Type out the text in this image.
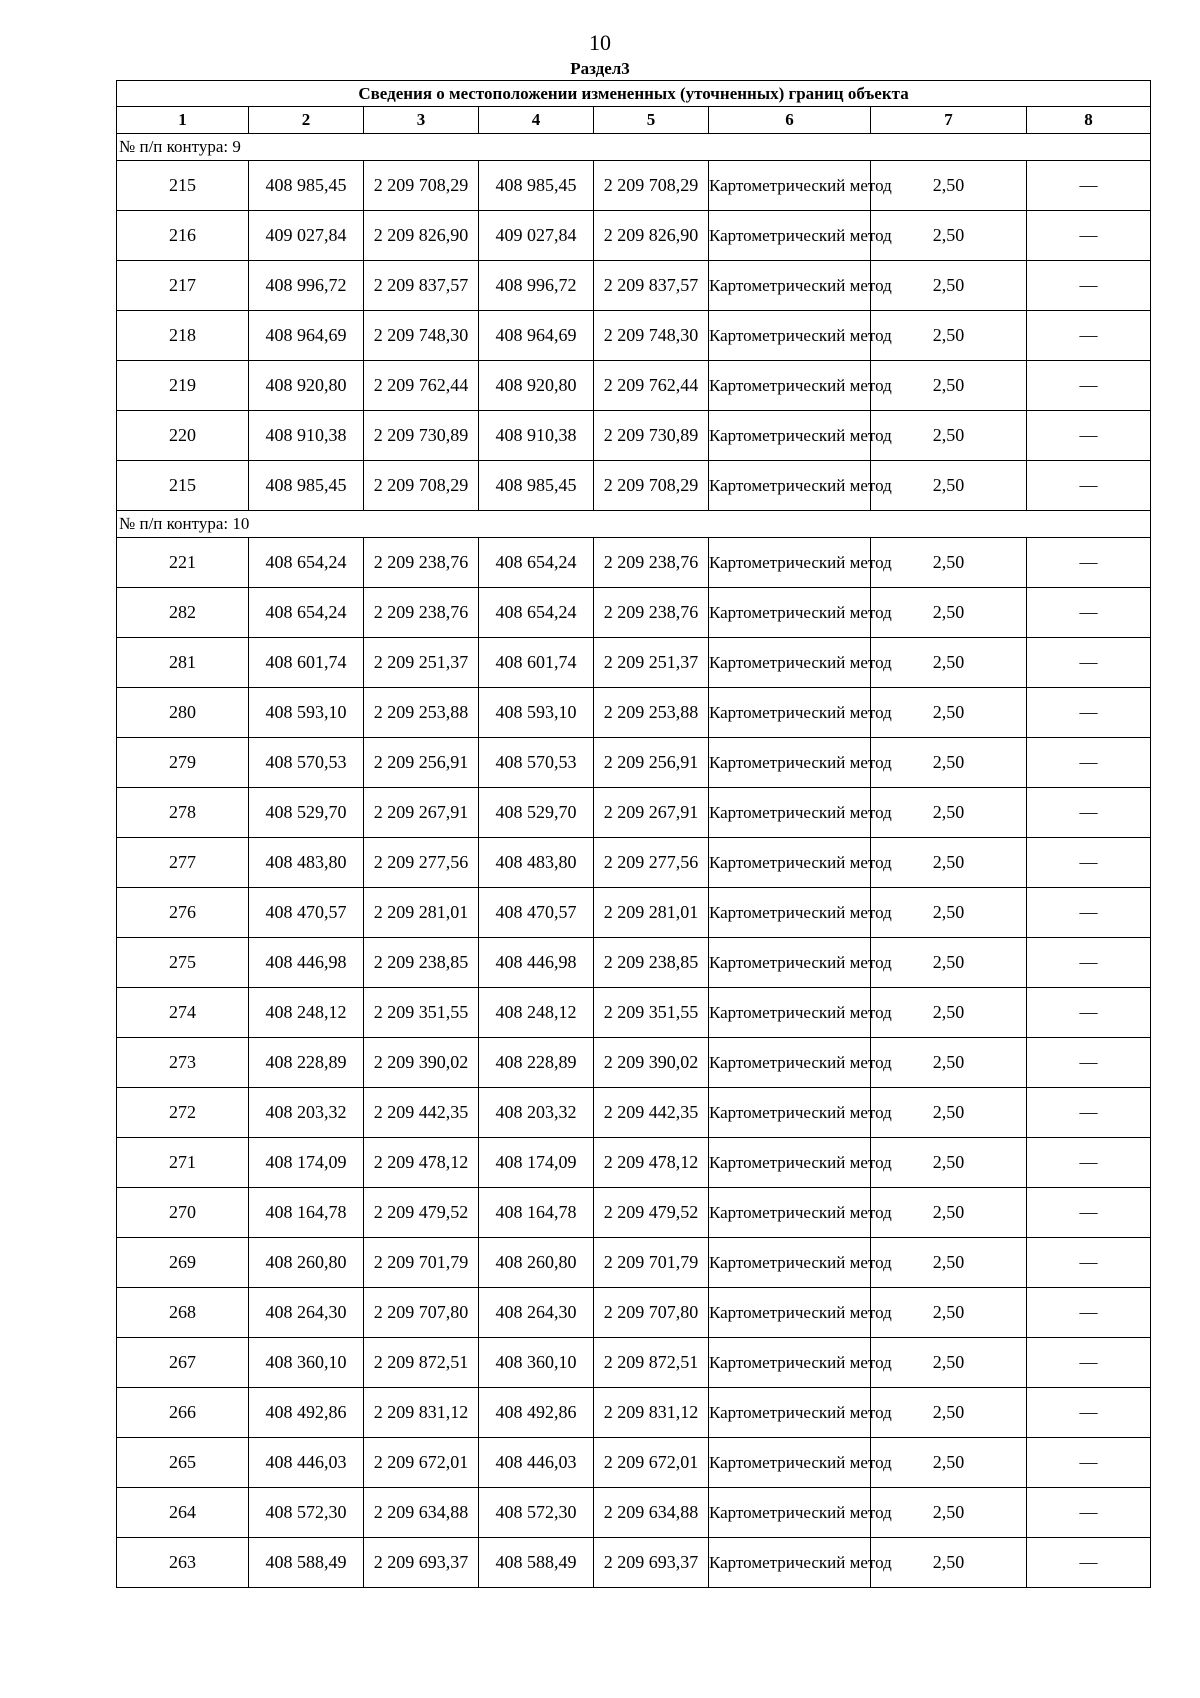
10
Раздел3
Сведения о местоположении измененных (уточненных) границ объекта							
1	2	3	4	5	6	7	8
№ п/п контура: 9							
215	408 985,45	2 209 708,29	408 985,45	2 209 708,29	Картометрический метод	2,50	—
216	409 027,84	2 209 826,90	409 027,84	2 209 826,90	Картометрический метод	2,50	—
217	408 996,72	2 209 837,57	408 996,72	2 209 837,57	Картометрический метод	2,50	—
218	408 964,69	2 209 748,30	408 964,69	2 209 748,30	Картометрический метод	2,50	—
219	408 920,80	2 209 762,44	408 920,80	2 209 762,44	Картометрический метод	2,50	—
220	408 910,38	2 209 730,89	408 910,38	2 209 730,89	Картометрический метод	2,50	—
215	408 985,45	2 209 708,29	408 985,45	2 209 708,29	Картометрический метод	2,50	—
№ п/п контура: 10							
221	408 654,24	2 209 238,76	408 654,24	2 209 238,76	Картометрический метод	2,50	—
282	408 654,24	2 209 238,76	408 654,24	2 209 238,76	Картометрический метод	2,50	—
281	408 601,74	2 209 251,37	408 601,74	2 209 251,37	Картометрический метод	2,50	—
280	408 593,10	2 209 253,88	408 593,10	2 209 253,88	Картометрический метод	2,50	—
279	408 570,53	2 209 256,91	408 570,53	2 209 256,91	Картометрический метод	2,50	—
278	408 529,70	2 209 267,91	408 529,70	2 209 267,91	Картометрический метод	2,50	—
277	408 483,80	2 209 277,56	408 483,80	2 209 277,56	Картометрический метод	2,50	—
276	408 470,57	2 209 281,01	408 470,57	2 209 281,01	Картометрический метод	2,50	—
275	408 446,98	2 209 238,85	408 446,98	2 209 238,85	Картометрический метод	2,50	—
274	408 248,12	2 209 351,55	408 248,12	2 209 351,55	Картометрический метод	2,50	—
273	408 228,89	2 209 390,02	408 228,89	2 209 390,02	Картометрический метод	2,50	—
272	408 203,32	2 209 442,35	408 203,32	2 209 442,35	Картометрический метод	2,50	—
271	408 174,09	2 209 478,12	408 174,09	2 209 478,12	Картометрический метод	2,50	—
270	408 164,78	2 209 479,52	408 164,78	2 209 479,52	Картометрический метод	2,50	—
269	408 260,80	2 209 701,79	408 260,80	2 209 701,79	Картометрический метод	2,50	—
268	408 264,30	2 209 707,80	408 264,30	2 209 707,80	Картометрический метод	2,50	—
267	408 360,10	2 209 872,51	408 360,10	2 209 872,51	Картометрический метод	2,50	—
266	408 492,86	2 209 831,12	408 492,86	2 209 831,12	Картометрический метод	2,50	—
265	408 446,03	2 209 672,01	408 446,03	2 209 672,01	Картометрический метод	2,50	—
264	408 572,30	2 209 634,88	408 572,30	2 209 634,88	Картометрический метод	2,50	—
263	408 588,49	2 209 693,37	408 588,49	2 209 693,37	Картометрический метод	2,50	—
